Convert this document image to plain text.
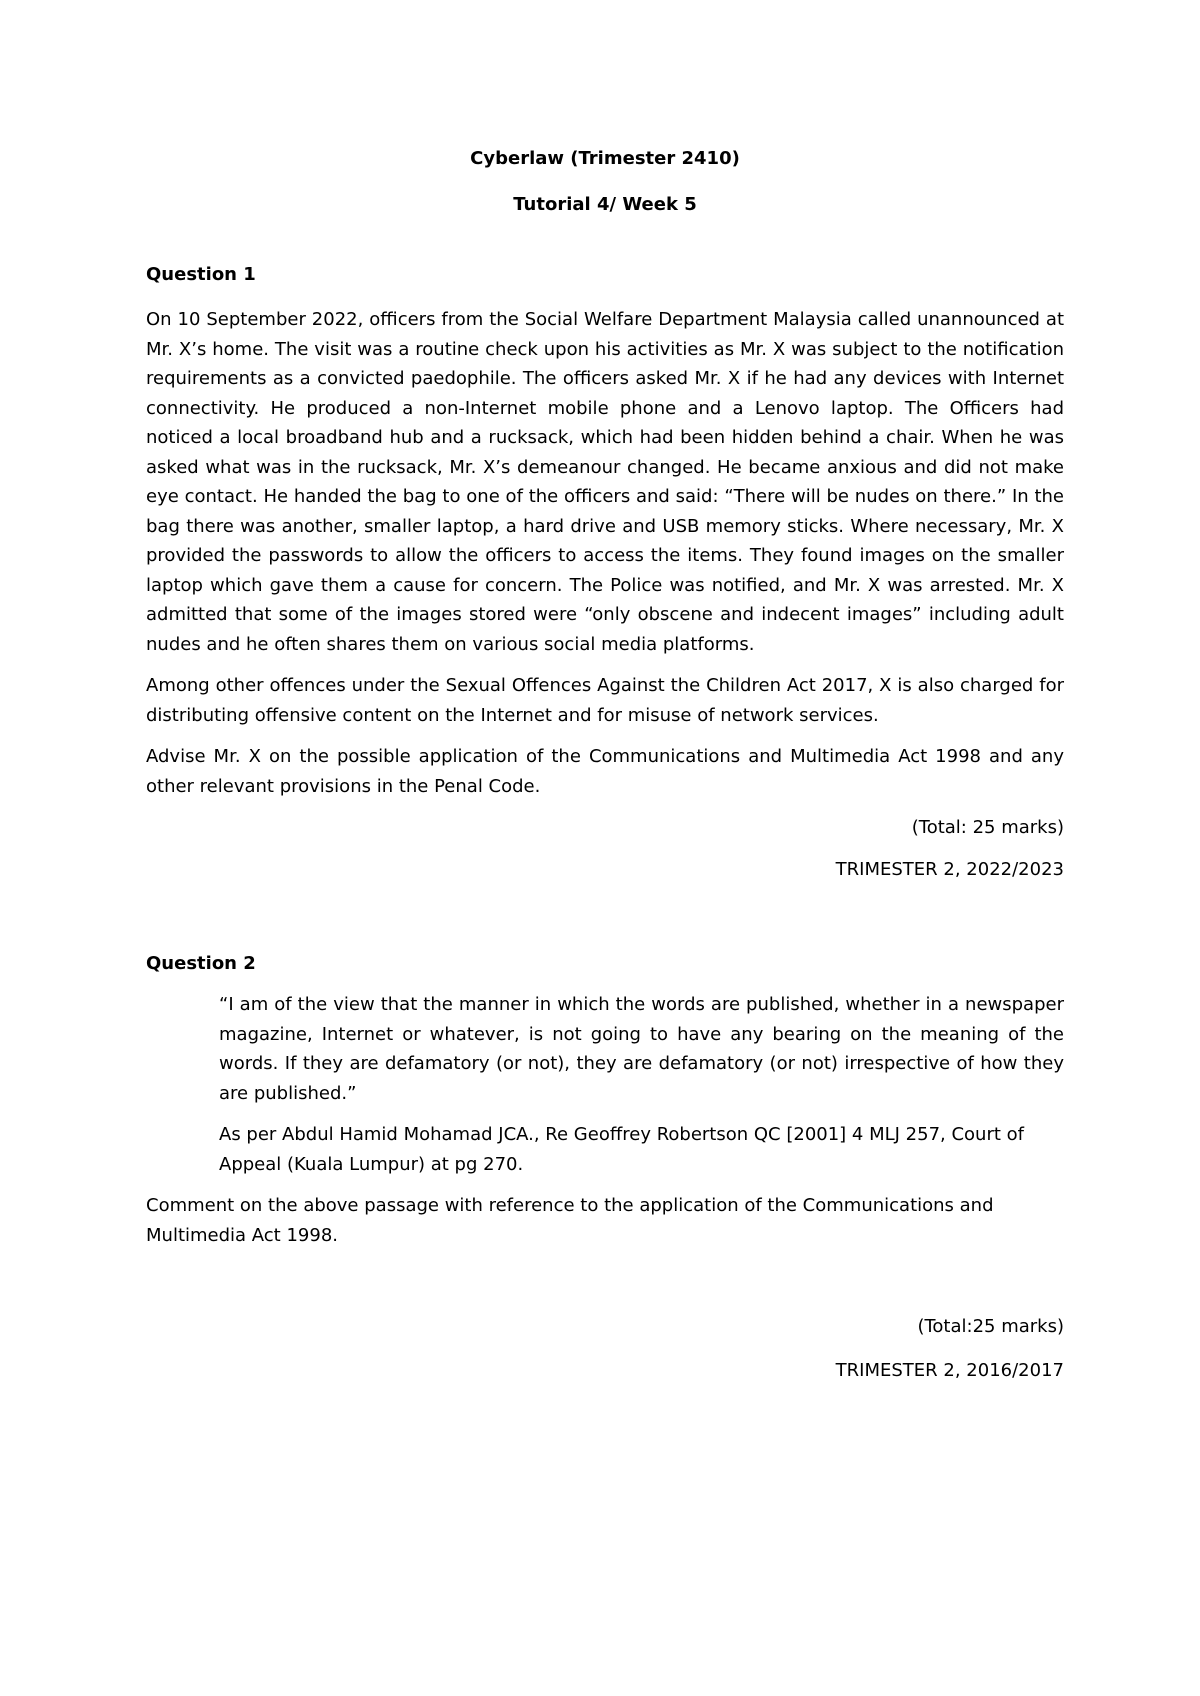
Cyberlaw (Trimester 2410)

Tutorial 4/ Week 5

Question 1

On 10 September 2022, officers from the Social Welfare Department Malaysia called unannounced at Mr. X’s home. The visit was a routine check upon his activities as Mr. X was subject to the notification requirements as a convicted paedophile. The officers asked Mr. X if he had any devices with Internet connectivity. He produced a non-Internet mobile phone and a Lenovo laptop. The Officers had noticed a local broadband hub and a rucksack, which had been hidden behind a chair. When he was asked what was in the rucksack, Mr. X’s demeanour changed. He became anxious and did not make eye contact. He handed the bag to one of the officers and said: “There will be nudes on there.” In the bag there was another, smaller laptop, a hard drive and USB memory sticks. Where necessary, Mr. X provided the passwords to allow the officers to access the items. They found images on the smaller laptop which gave them a cause for concern. The Police was notified, and Mr. X was arrested. Mr. X admitted that some of the images stored were “only obscene and indecent images” including adult nudes and he often shares them on various social media platforms.

Among other offences under the Sexual Offences Against the Children Act 2017, X is also charged for distributing offensive content on the Internet and for misuse of network services.

Advise Mr. X on the possible application of the Communications and Multimedia Act 1998 and any other relevant provisions in the Penal Code.

(Total: 25 marks)

TRIMESTER 2, 2022/2023

Question 2

“I am of the view that the manner in which the words are published, whether in a newspaper magazine, Internet or whatever, is not going to have any bearing on the meaning of the words. If they are defamatory (or not), they are defamatory (or not) irrespective of how they are published.”

As per Abdul Hamid Mohamad JCA., Re Geoffrey Robertson QC [2001] 4 MLJ 257, Court of Appeal (Kuala Lumpur) at pg 270.

Comment on the above passage with reference to the application of the Communications and Multimedia Act 1998.

(Total:25 marks)

TRIMESTER 2, 2016/2017
